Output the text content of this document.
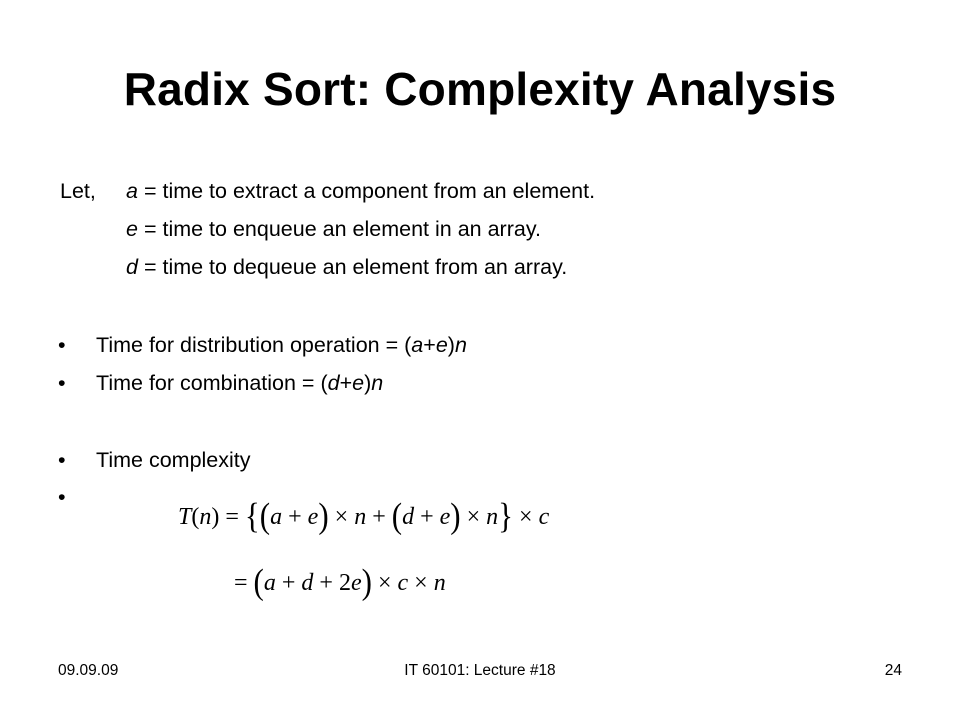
Radix Sort: Complexity Analysis
Let, a = time to extract a component from an element.
e = time to enqueue an element in an array.
d = time to dequeue an element from an array.
• Time for distribution operation = (a+e)n
• Time for combination = (d+e)n
• Time complexity
•
T(n) = {(a + e) × n + (d + e) × n} × c
= (a + d + 2e) × c × n
09.09.09	IT 60101: Lecture #18	24
